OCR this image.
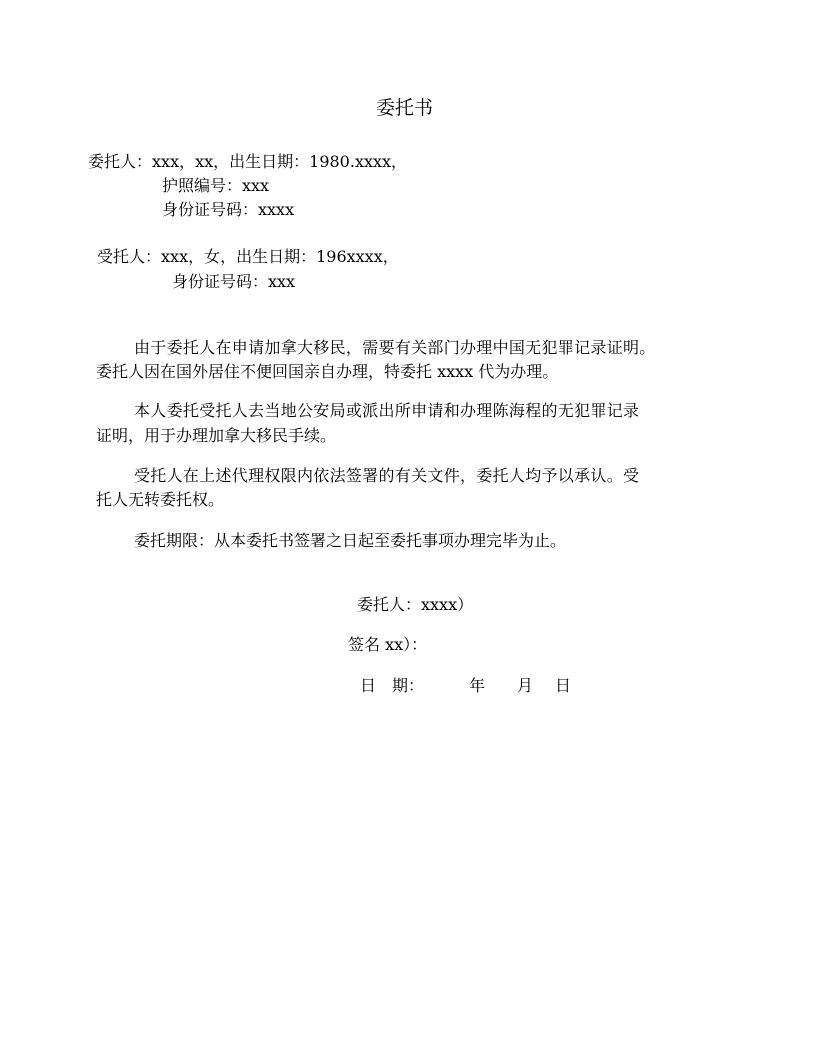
委托书
委托人：xxx，xx，出生日期：1980.xxxx，
护照编号：xxx
身份证号码：xxxx
受托人：xxx，女，出生日期：196xxxx，
身份证号码：xxx
由于委托人在申请加拿大移民，需要有关部门办理中国无犯罪记录证明。
委托人因在国外居住不便回国亲自办理，特委托 xxxx 代为办理。
本人委托受托人去当地公安局或派出所申请和办理陈海程的无犯罪记录
证明，用于办理加拿大移民手续。
受托人在上述代理权限内依法签署的有关文件，委托人均予以承认。受
托人无转委托权。
委托期限：从本委托书签署之日起至委托事项办理完毕为止。
委托人：xxxx）
签名 xx）：
日　期：	年 月 日
